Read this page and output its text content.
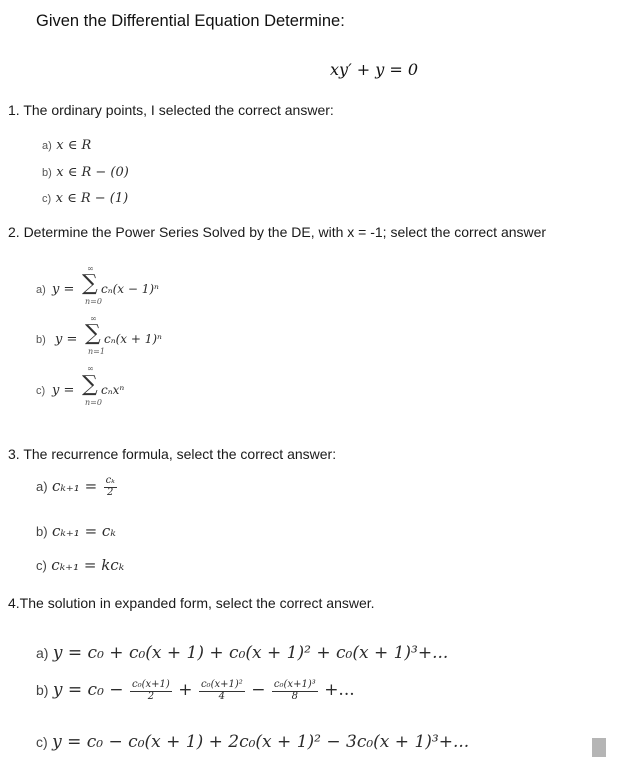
Given the Differential Equation Determine:
xy′ + y = 0
1. The ordinary points, I selected the correct answer:
a) x ∈ R
b) x ∈ R − (0)
c) x ∈ R − (1)
2. Determine the Power Series Solved by the DE, with x = -1; select the correct answer
a) y =
∞
∑
n=0
cₙ(x − 1)ⁿ
b) y =
∞
∑
n=1
cₙ(x + 1)ⁿ
c) y =
∞
∑
n=0
cₙxⁿ
3. The recurrence formula, select the correct answer:
a) $c_{k+1} = \frac{\text{cₖ}}{2}$
b) cₖ₊₁ = cₖ
c) cₖ₊₁ = kcₖ
4.The solution in expanded form, select the correct answer.
a) y = c₀ + c₀(x + 1) + c₀(x + 1)² + c₀(x + 1)³+...
b) $y = c_0 - \frac{\text{c₀(x+1)}}{2} + \frac{\text{c₀(x+1)²}}{4} - \frac{\text{c₀(x+1)³}}{8}$ +...
c) y = c₀ − c₀(x + 1) + 2c₀(x + 1)² − 3c₀(x + 1)³+...
